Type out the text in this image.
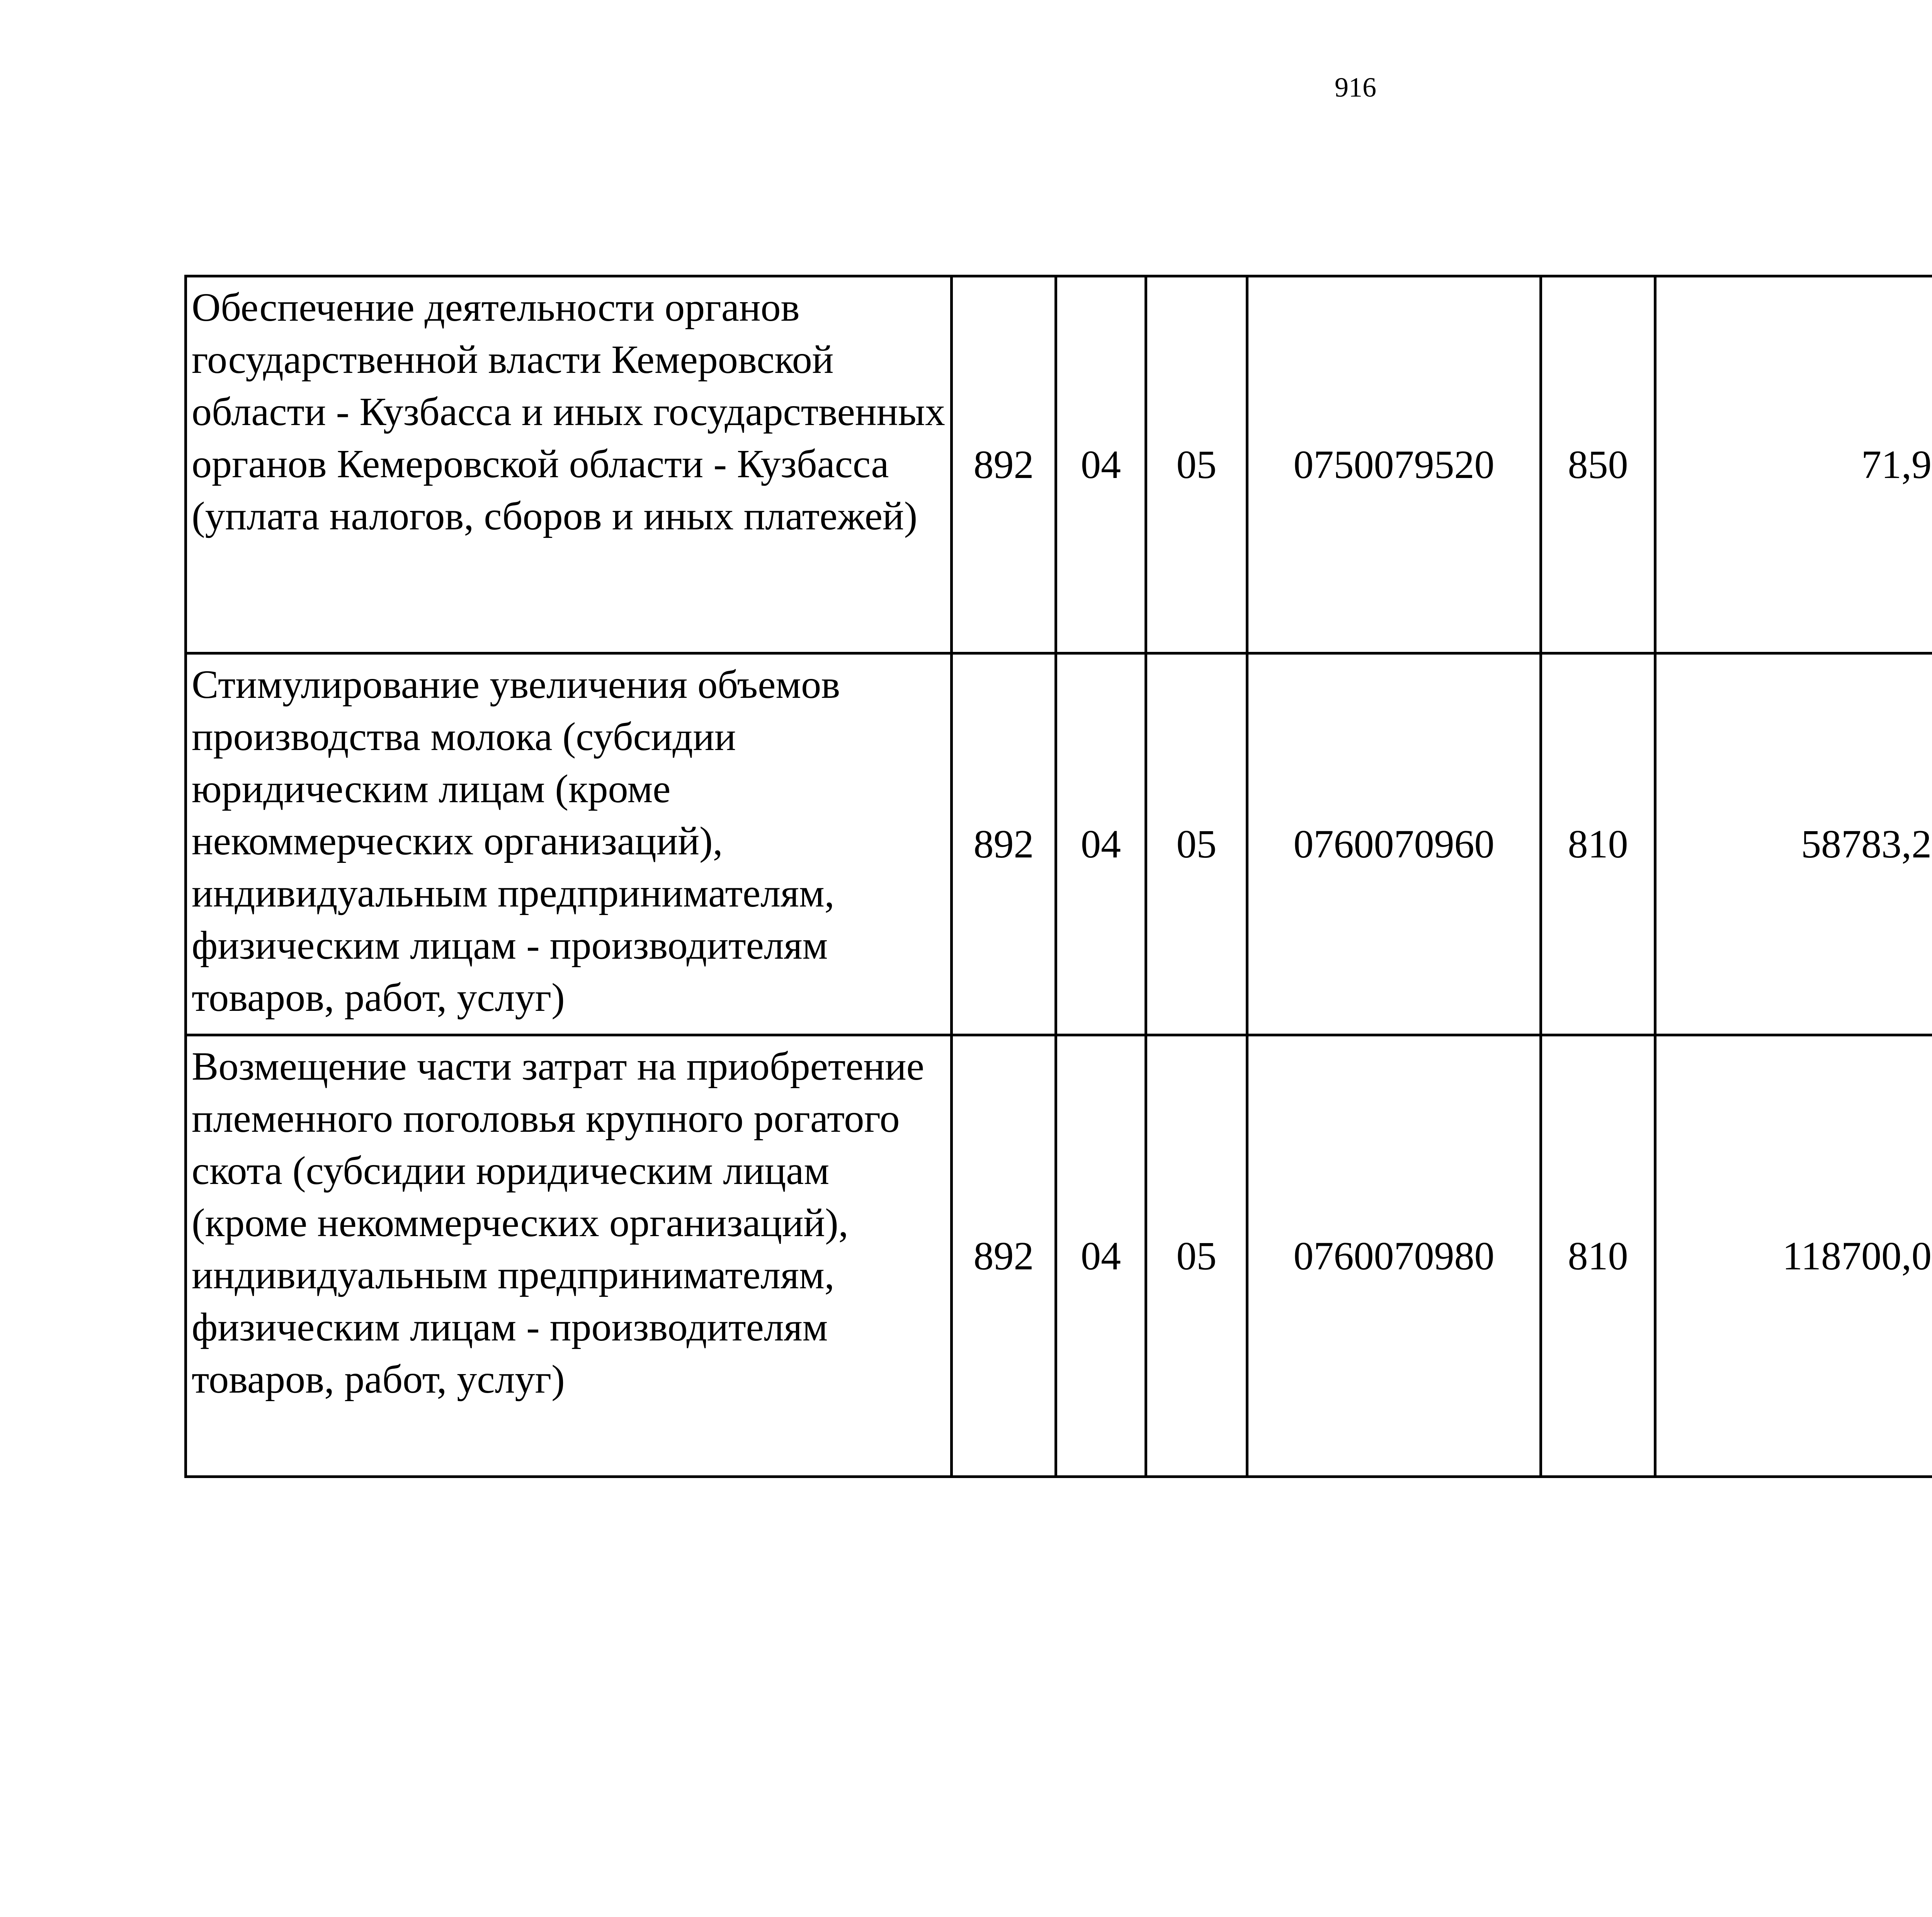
916
Обеспечение деятельности органов государственной власти Кемеровской области - Кузбасса и иных государственных органов Кемеровской области - Кузбасса (уплата налогов, сборов и иных платежей)	892	04	05	0750079520	850	71,9		
Стимулирование увеличения объемов производства молока (субсидии юридическим лицам (кроме некоммерческих организаций), индивидуальным предпринимателям, физическим лицам - производителям товаров, работ, услуг)	892	04	05	0760070960	810	58783,2		
Возмещение части затрат на приобретение племенного поголовья крупного рогатого скота (субсидии юридическим лицам (кроме некоммерческих организаций), индивидуальным предпринимателям, физическим лицам - производителям товаров, работ, услуг)	892	04	05	0760070980	810	118700,0		
